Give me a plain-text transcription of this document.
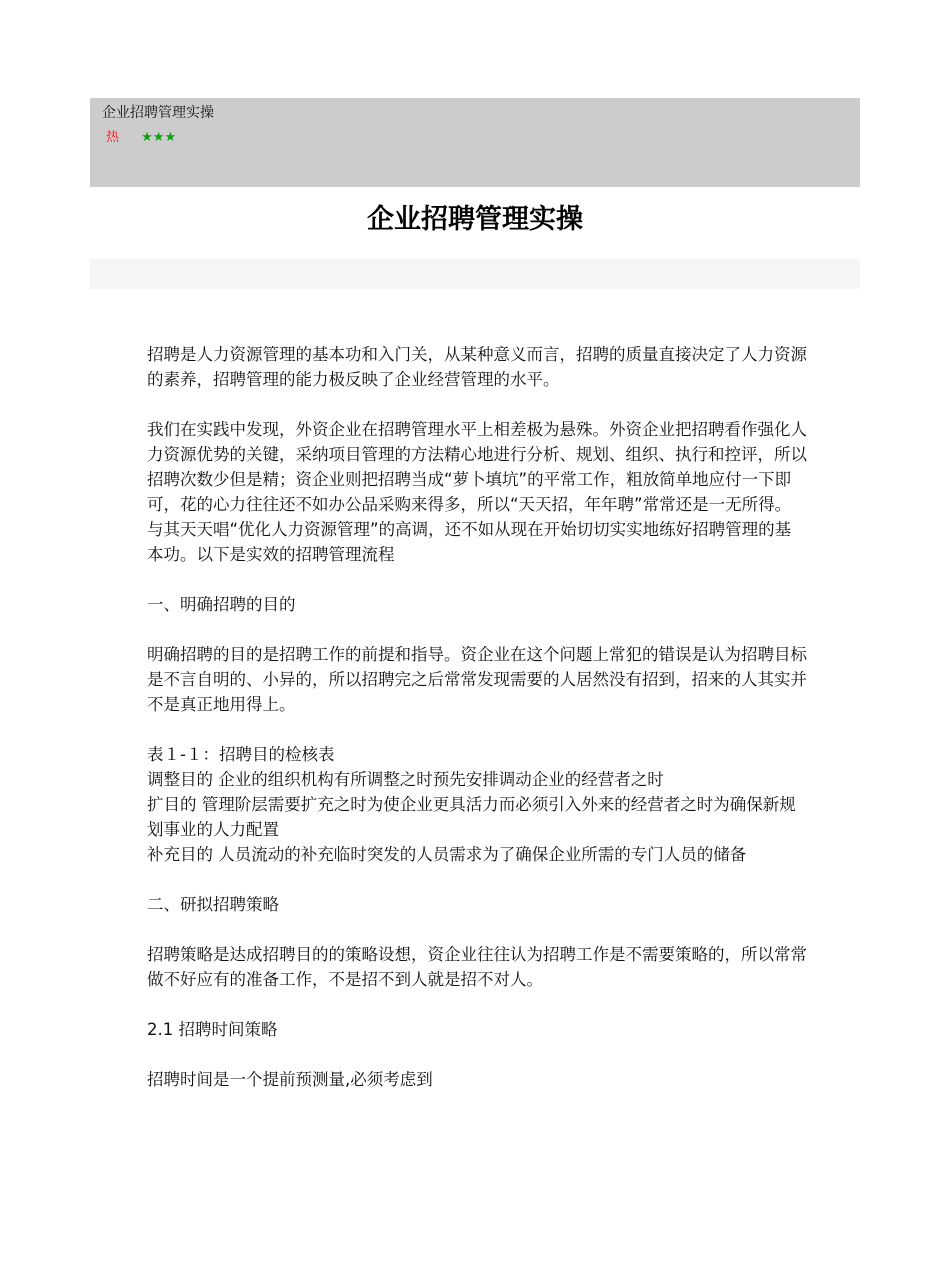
企业招聘管理实操
热 ★★★
企业招聘管理实操

招聘是人力资源管理的基本功和入门关，从某种意义而言，招聘的质量直接决定了人力资源的素养，招聘管理的能力极反映了企业经营管理的水平。

我们在实践中发现，外资企业在招聘管理水平上相差极为悬殊。外资企业把招聘看作强化人力资源优势的关键，采纳项目管理的方法精心地进行分析、规划、组织、执行和控评，所以招聘次数少但是精；资企业则把招聘当成“萝卜填坑”的平常工作，粗放简单地应付一下即可，花的心力往往还不如办公品采购来得多，所以“天天招，年年聘”常常还是一无所得。

与其天天唱“优化人力资源管理”的高调，还不如从现在开始切切实实地练好招聘管理的基本功。以下是实效的招聘管理流程

一、明确招聘的目的

明确招聘的目的是招聘工作的前提和指导。资企业在这个问题上常犯的错误是认为招聘目标是不言自明的、小异的，所以招聘完之后常常发现需要的人居然没有招到，招来的人其实并不是真正地用得上。

表１-１：招聘目的检核表

调整目的 企业的组织机构有所调整之时预先安排调动企业的经营者之时

扩目的 管理阶层需要扩充之时为使企业更具活力而必须引入外来的经营者之时为确保新规划事业的人力配置

补充目的 人员流动的补充临时突发的人员需求为了确保企业所需的专门人员的储备

二、研拟招聘策略

招聘策略是达成招聘目的的策略设想，资企业往往认为招聘工作是不需要策略的，所以常常做不好应有的准备工作，不是招不到人就是招不对人。

2.1 招聘时间策略

招聘时间是一个提前预测量,必须考虑到
